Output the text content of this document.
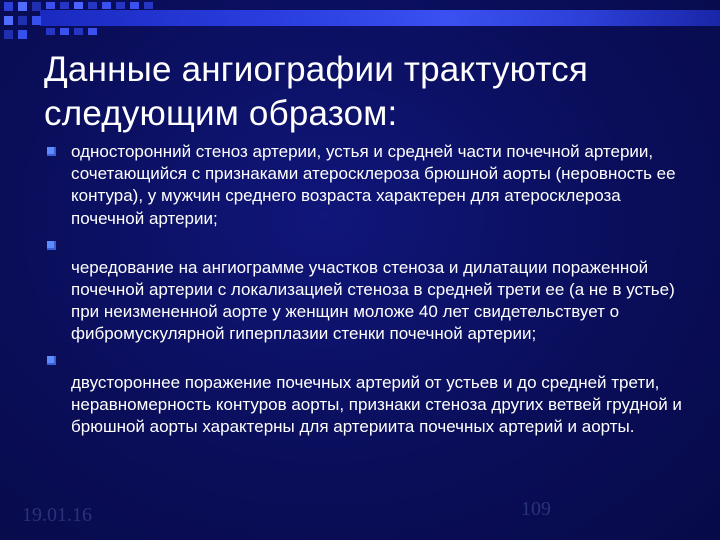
Данные ангиографии трактуются следующим образом:
односторонний стеноз артерии, устья и средней части почечной артерии, сочетающийся с признаками атеросклероза брюшной аорты (неровность ее контура), у мужчин среднего возраста характерен для атеросклероза почечной артерии;
чередование на ангиограмме участков стеноза и дилатации пораженной почечной артерии с локализацией стеноза в средней трети ее (а не в устье) при неизмененной аорте у женщин моложе 40 лет свидетельствует о фибромускулярной гиперплазии стенки почечной артерии;
двустороннее поражение почечных артерий от устьев и до средней трети, неравномерность контуров аорты, признаки стеноза других ветвей грудной и брюшной аорты характерны для артериита почечных артерий и аорты.
19.01.16	109
